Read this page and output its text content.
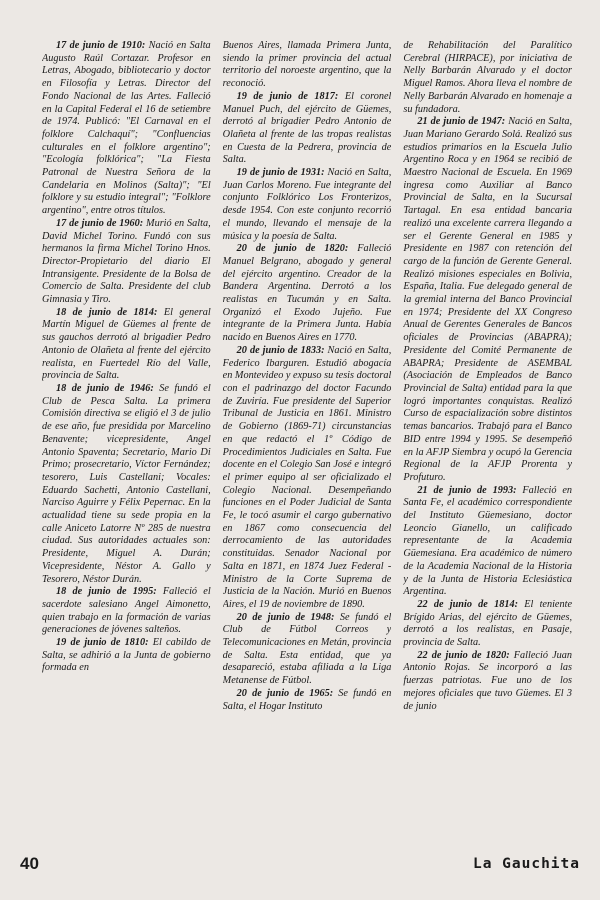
17 de junio de 1910: Nació en Salta Augusto Raúl Cortazar. Profesor en Letras, Abogado, bibliotecario y doctor en Filosofía y Letras. Director del Fondo Nacional de las Artes. Falleció en la Capital Federal el 16 de setiembre de 1974. Publicó: "El Carnaval en el folklore Calchaquí"; "Confluencias culturales en el folklore argentino"; "Ecología folklórica"; "La Fiesta Patronal de Nuestra Señora de la Candelaria en Molinos (Salta)"; "El folklore y su estudio integral"; "Folklore argentino", entre otros títulos.

17 de junio de 1960: Murió en Salta, David Michel Torino. Fundó con sus hermanos la firma Michel Torino Hnos. Director-Propietario del diario El Intransigente. Presidente de la Bolsa de Comercio de Salta. Presidente del club Gimnasia y Tiro.

18 de junio de 1814: El general Martín Miguel de Güemes al frente de sus gauchos derrotó al brigadier Pedro Antonio de Olañeta al frente del ejército realista, en Fuertedel Río del Valle, provincia de Salta.

18 de junio de 1946: Se fundó el Club de Pesca Salta. La primera Comisión directiva se eligió el 3 de julio de ese año, fue presidida por Marcelino Benavente; vicepresidente, Angel Antonio Spaventa; Secretario, Mario Di Primo; prosecretario, Víctor Fernández; tesorero, Luis Castellani; Vocales: Eduardo Sachetti, Antonio Castellani, Narciso Aguirre y Félix Pepernac. En la actualidad tiene su sede propia en la calle Aniceto Latorre Nº 285 de nuestra ciudad. Sus autoridades actuales son: Presidente, Miguel A. Durán; Vicepresidente, Néstor A. Gallo y Tesorero, Néstor Durán.

18 de junio de 1995: Falleció el sacerdote salesiano Angel Aimonetto, quien trabajo en la formación de varias generaciones de jóvenes salteños.

19 de junio de 1810: El cabildo de Salta, se adhirió a la Junta de gobierno formada en

Buenos Aires, llamada Primera Junta, siendo la primer provincia del actual territorio del noroeste argentino, que la reconoció.

19 de junio de 1817: El coronel Manuel Puch, del ejército de Güemes, derrotó al brigadier Pedro Antonio de Olañeta al frente de las tropas realistas en Cuesta de la Pedrera, provincia de Salta.

19 de junio de 1931: Nació en Salta, Juan Carlos Moreno. Fue integrante del conjunto Folklórico Los Fronterizos, desde 1954. Con este conjunto recorrió el mundo, llevando el mensaje de la música y la poesía de Salta.

20 de junio de 1820: Falleció Manuel Belgrano, abogado y general del ejército argentino. Creador de la Bandera Argentina. Derrotó a los realistas en Tucumán y en Salta. Organizó el Exodo Jujeño. Fue integrante de la Primera Junta. Había nacido en Buenos Aires en 1770.

20 de junio de 1833: Nació en Salta, Federico Ibarguren. Estudió abogacía en Montevideo y expuso su tesis doctoral con el padrinazgo del doctor Facundo de Zuviría. Fue presidente del Superior Tribunal de Justicia en 1861. Ministro de Gobierno (1869-71) circunstancias en que redactó el 1º Código de Procedimientos Judiciales en Salta. Fue docente en el Colegio San José e integró el primer equipo al ser oficializado el Colegio Nacional. Desempeñando funciones en el Poder Judicial de Santa Fe, le tocó asumir el cargo gubernativo en 1867 como consecuencia del derrocamiento de las autoridades constituidas. Senador Nacional por Salta en 1871, en 1874 Juez Federal - Ministro de la Corte Suprema de Justicia de la Nación. Murió en Buenos Aires, el 19 de noviembre de 1890.

20 de junio de 1948: Se fundó el Club de Fútbol Correos y Telecomunicaciones en Metán, provincia de Salta. Esta entidad, que ya desapareció, estaba afiliada a la Liga Metanense de Fútbol.

20 de junio de 1965: Se fundó en Salta, el Hogar Instituto

de Rehabilitación del Paralítico Cerebral (HIRPACE), por iniciativa de Nelly Barbarán Alvarado y el doctor Miguel Ramos. Ahora lleva el nombre de Nelly Barbarán Alvarado en homenaje a su fundadora.

21 de junio de 1947: Nació en Salta, Juan Mariano Gerardo Solá. Realizó sus estudios primarios en la Escuela Julio Argentino Roca y en 1964 se recibió de Maestro Nacional de Escuela. En 1969 ingresa como Auxiliar al Banco Provincial de Salta, en la Sucursal Tartagal. En esa entidad bancaria realizó una excelente carrera llegando a ser el Gerente General en 1985 y Presidente en 1987 con retención del cargo de la función de Gerente General. Realizó misiones especiales en Bolivia, España, Italia. Fue delegado general de la gremial interna del Banco Provincial en 1974; Presidente del XX Congreso Anual de Gerentes Generales de Bancos oficiales de Provincias (ABAPRA); Presidente del Comité Permanente de ABAPRA; Presidente de ASEMBAL (Asociación de Empleados de Banco Provincial de Salta) entidad para la que logró importantes conquistas. Realizó Curso de espacialización sobre distintos temas bancarios. Trabajó para el Banco BID entre 1994 y 1995. Se desempeñó en la AFJP Siembra y ocupó la Gerencia Regional de la AFJP Prorenta y Profuturo.

21 de junio de 1993: Falleció en Santa Fe, el académico correspondiente del Instituto Güemesiano, doctor Leoncio Gianello, un calificado representante de la Academia Güemesiana. Era académico de número de la Academia Nacional de la Historia y de la Junta de Historia Eclesiástica Argentina.

22 de junio de 1814: El teniente Brígido Arias, del ejército de Güemes, derrotó a los realistas, en Pasaje, provincia de Salta.

22 de junio de 1820: Falleció Juan Antonio Rojas. Se incorporó a las fuerzas patriotas. Fue uno de los mejores oficiales que tuvo Güemes. El 3 de junio

40	La Gauchita
